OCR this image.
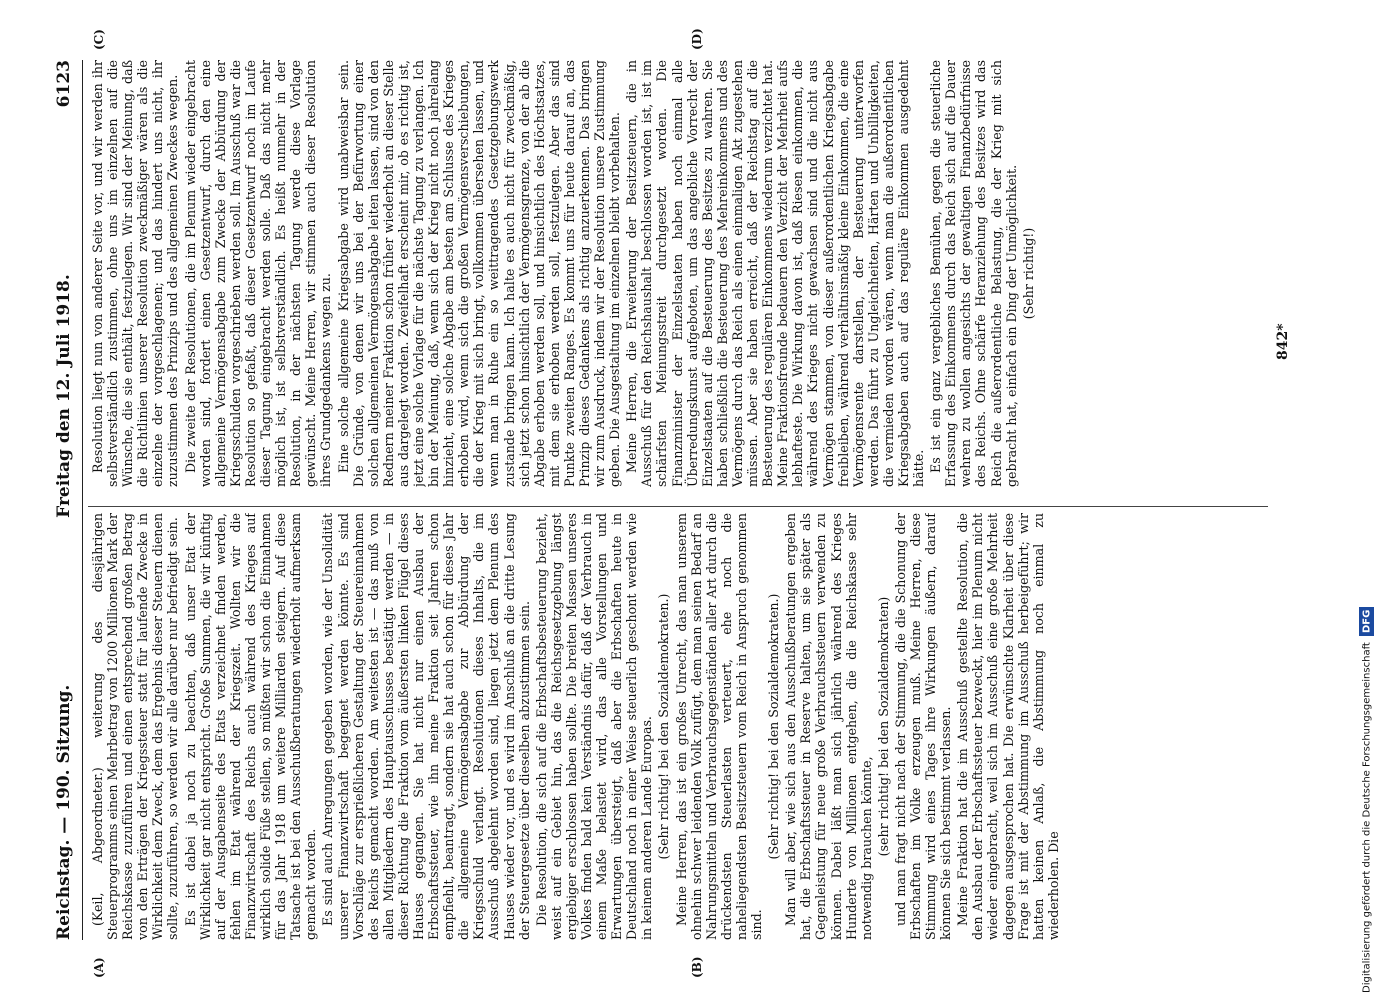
Reichstag. — 190. Sitzung.
Freitag den 12. Juli 1918.
6123
(A)	(B)
(C)	(D)

(Keil, Abgeordneter.) weiterung des diesjährigen Steuerprogramms einen Mehrbetrag von 1200 Millionen Mark der Reichskasse zuzuführen und einen entsprechend großen Betrag von den Erträgen der Kriegssteuer statt für laufende Zwecke in Wirklichkeit dem Zweck, dem das Ergebnis dieser Steuern dienen sollte, zuzuführen, so werden wir alle darüber nur befriedigt sein. Es ist dabei ja noch zu beachten, daß unser Etat der Wirklichkeit gar nicht entspricht. Große Summen, die wir künftig auf der Ausgabenseite des Etats verzeichnet finden werden, fehlen im Etat während der Kriegszeit. Wollten wir die Finanzwirtschaft des Reichs auch während des Krieges auf wirklich solide Füße stellen, so müßten wir schon die Einnahmen für das Jahr 1918 um weitere Milliarden steigern. Auf diese Tatsache ist bei den Ausschußberatungen wiederholt aufmerksam gemacht worden. Es sind auch Anregungen gegeben worden, wie der Unsolidität unserer Finanzwirtschaft begegnet werden könnte. Es sind Vorschläge zur ersprießlicheren Gestaltung der Steuereinnahmen des Reichs gemacht worden. Am weitesten ist — das muß von allen Mitgliedern des Hauptausschusses bestätigt werden — in dieser Richtung die Fraktion vom äußersten linken Flügel dieses Hauses gegangen. Sie hat nicht nur einen Ausbau der Erbschaftssteuer, wie ihn meine Fraktion seit Jahren schon empfiehlt, beantragt, sondern sie hat auch schon für dieses Jahr die allgemeine Vermögensabgabe zur Abbürdung der Kriegsschuld verlangt. Resolutionen dieses Inhalts, die im Ausschuß abgelehnt worden sind, liegen jetzt dem Plenum des Hauses wieder vor, und es wird im Anschluß an die dritte Lesung der Steuergesetze über dieselben abzustimmen sein. Die Resolution, die sich auf die Erbschaftsbesteuerung bezieht, weist auf ein Gebiet hin, das die Reichsgesetzgebung längst ergiebiger erschlossen haben sollte. Die breiten Massen unseres Volkes finden bald kein Verständnis dafür, daß der Verbrauch in einem Maße belastet wird, das alle Vorstellungen und Erwartungen übersteigt, daß aber die Erbschaften heute in Deutschland noch in einer Weise steuerlich geschont werden wie in keinem anderen Lande Europas. (Sehr richtig! bei den Sozialdemokraten.) Meine Herren, das ist ein großes Unrecht, das man unserem ohnehin schwer leidenden Volk zufügt, dem man seinen Bedarf an Nahrungsmitteln und Verbrauchsgegenständen aller Art durch die drückendsten Steuerlasten verteuert, ehe noch die naheliegendsten Besitzsteuern vom Reich in Anspruch genommen sind.

(Sehr richtig! bei den Sozialdemokraten.) Man will aber, wie sich aus den Ausschußberatungen ergeben hat, die Erbschaftssteuer in Reserve halten, um sie später als Gegenleistung für neue große Verbrauchssteuern verwenden zu können. Dabei läßt man sich jährlich während des Krieges Hunderte von Millionen entgehen, die die Reichskasse sehr notwendig brauchen könnte, (sehr richtig! bei den Sozialdemokraten) und man fragt nicht nach der Stimmung, die die Schonung der Erbschaften im Volke erzeugen muß. Meine Herren, diese Stimmung wird eines Tages ihre Wirkungen äußern, darauf können Sie sich bestimmt verlassen. Meine Fraktion hat die im Ausschuß gestellte Resolution, die den Ausbau der Erbschaftssteuer bezweckt, hier im Plenum nicht wieder eingebracht, weil sich im Ausschuß eine große Mehrheit dagegen ausgesprochen hat. Die erwünschte Klarheit über diese Frage ist mit der Abstimmung im Ausschuß herbeigeführt; wir hatten keinen Anlaß, die Abstimmung noch einmal zu wiederholen. Die

Resolution liegt nun von anderer Seite vor, und wir werden ihr selbstverständlich zustimmen, ohne uns im einzelnen auf die Wünsche, die sie enthält, festzulegen. Wir sind der Meinung, daß die Richtlinien unserer Resolution zweckmäßiger wären als die einzelne der vorgeschlagenen; und das hindert uns nicht, ihr zuzustimmen des Prinzips und des allgemeinen Zweckes wegen. Die zweite der Resolutionen, die im Plenum wieder eingebracht worden sind, fordert einen Gesetzentwurf, durch den eine allgemeine Vermögensabgabe zum Zwecke der Abbürdung der Kriegsschulden vorgeschrieben werden soll. Im Ausschuß war die Resolution so gefaßt, daß dieser Gesetzentwurf noch im Laufe dieser Tagung eingebracht werden solle. Daß das nicht mehr möglich ist, ist selbstverständlich. Es heißt nunmehr in der Resolution, in der nächsten Tagung werde diese Vorlage gewünscht. Meine Herren, wir stimmen auch dieser Resolution ihres Grundgedankens wegen zu. Eine solche allgemeine Kriegsabgabe wird unabweisbar sein. Die Gründe, von denen wir uns bei der Befürwortung einer solchen allgemeinen Vermögensabgabe leiten lassen, sind von den Rednern meiner Fraktion schon früher wiederholt an dieser Stelle aus dargelegt worden. Zweifelhaft erscheint mir, ob es richtig ist, jetzt eine solche Vorlage für die nächste Tagung zu verlangen. Ich bin der Meinung, daß, wenn sich der Krieg nicht noch jahrelang hinzieht, eine solche Abgabe am besten am Schlusse des Krieges erhoben wird, wenn sich die großen Vermögensverschiebungen, die der Krieg mit sich bringt, vollkommen übersehen lassen, und wenn man in Ruhe ein so weittragendes Gesetzgebungswerk zustande bringen kann. Ich halte es auch nicht für zweckmäßig, sich jetzt schon hinsichtlich der Vermögensgrenze, von der ab die Abgabe erhoben werden soll, und hinsichtlich des Höchstsatzes, mit dem sie erhoben werden soll, festzulegen. Aber das sind Punkte zweiten Ranges. Es kommt uns für heute darauf an, das Prinzip dieses Gedankens als richtig anzuerkennen. Das bringen wir zum Ausdruck, indem wir der Resolution unsere Zustimmung geben. Die Ausgestaltung im einzelnen bleibt vorbehalten. Meine Herren, die Erweiterung der Besitzsteuern, die in Ausschuß für den Reichshaushalt beschlossen worden ist, ist im schärfsten Meinungsstreit durchgesetzt worden. Die Finanzminister der Einzelstaaten haben noch einmal alle Überredungskunst aufgeboten, um das angebliche Vorrecht der Einzelstaaten auf die Besteuerung des Besitzes zu wahren. Sie haben schließlich die Besteuerung des Mehreinkommens und des Vermögens durch das Reich als einen einmaligen Akt zugestehen müssen. Aber sie haben erreicht, daß der Reichstag auf die Besteuerung des regulären Einkommens wiederum verzichtet hat. Meine Fraktionsfreunde bedauern den Verzicht der Mehrheit aufs lebhafteste. Die Wirkung davon ist, daß Riesen einkommen, die während des Krieges nicht gewachsen sind und die nicht aus Vermögen stammen, von dieser außerordentlichen Kriegsabgabe freibleiben, während verhältnismäßig kleine Einkommen, die eine Vermögensrente darstellen, der Besteuerung unterworfen werden. Das führt zu Ungleichheiten, Härten und Unbilligkeiten, die vermieden worden wären, wenn man die außerordentlichen Kriegsabgaben auch auf das reguläre Einkommen ausgedehnt hätte. Es ist ein ganz vergebliches Bemühen, gegen die steuerliche Erfassung des Einkommens durch das Reich sich auf die Dauer wehren zu wollen angesichts der gewaltigen Finanzbedürfnisse des Reichs. Ohne schärfe Heranziehung des Besitzes wird das Reich die außerordentliche Belastung, die der Krieg mit sich gebracht hat, einfach ein Ding der Unmöglichkeit. (Sehr richtig!)

842*
Digitalisierung gefördert durch die Deutsche Forschungsgemeinschaft
DFG
